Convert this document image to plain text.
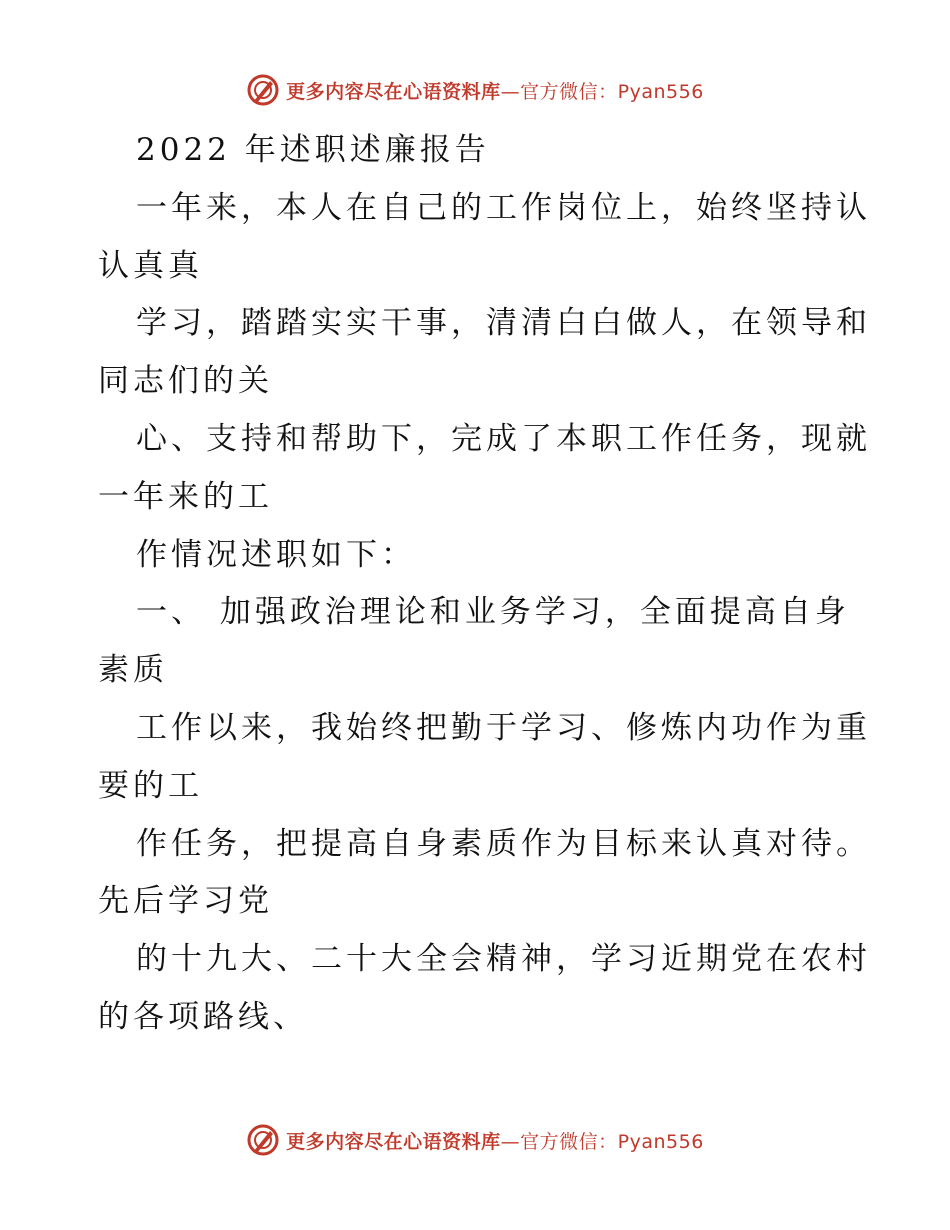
更多内容尽在心语资料库—官方微信：Pyan556
2022 年述职述廉报告
一年来，本人在自己的工作岗位上，始终坚持认
认真真
学习，踏踏实实干事，清清白白做人，在领导和
同志们的关
心、支持和帮助下，完成了本职工作任务，现就
一年来的工
作情况述职如下：
一、 加强政治理论和业务学习，全面提高自身
素质
工作以来，我始终把勤于学习、修炼内功作为重
要的工
作任务，把提高自身素质作为目标来认真对待。
先后学习党
的十九大、二十大全会精神，学习近期党在农村
的各项路线、
更多内容尽在心语资料库—官方微信：Pyan556
